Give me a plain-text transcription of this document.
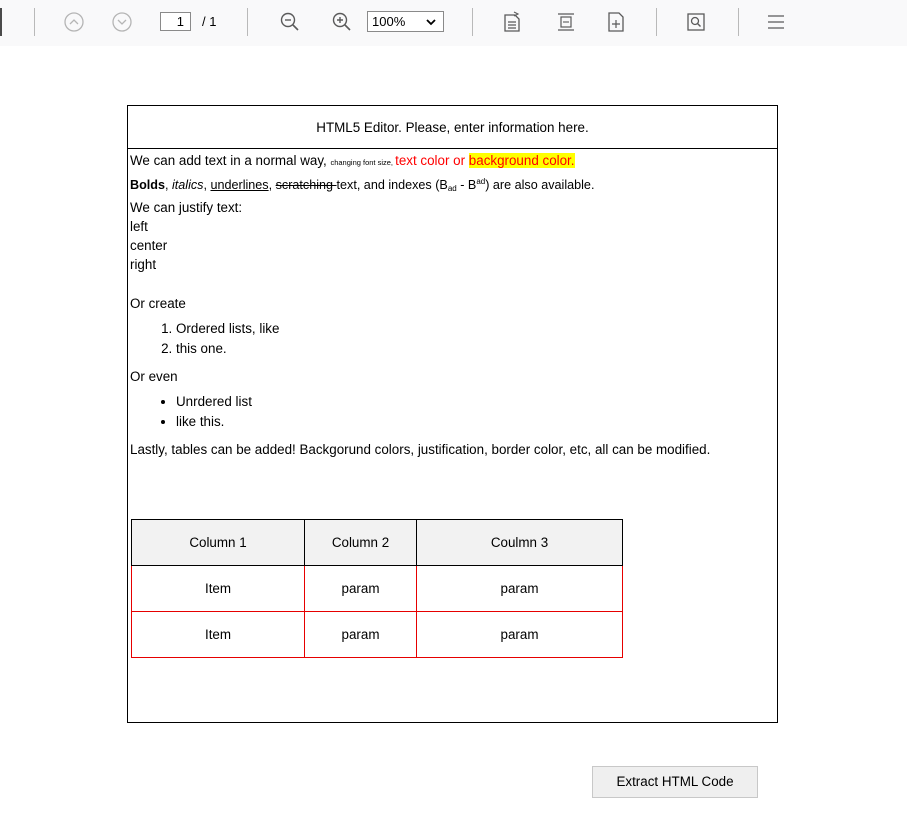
1	/ 1	100%
HTML5 Editor. Please, enter information here.

We can add text in a normal way, changing font size, text color or background color.

Bolds, italics, underlines, scratching text, and indexes $(B_{ad} - B^{ad})$ are also available.

We can justify text:

left

center

right

Or create

1. Ordered lists, like
2. this one.

Or even

• Unrdered list
• like this.

Lastly, tables can be added! Backgorund colors, justification, border color, etc, all can be modified.

Column 1	Column 2	Coulmn 3
Item	param	param
Item	param	param
Extract HTML Code
